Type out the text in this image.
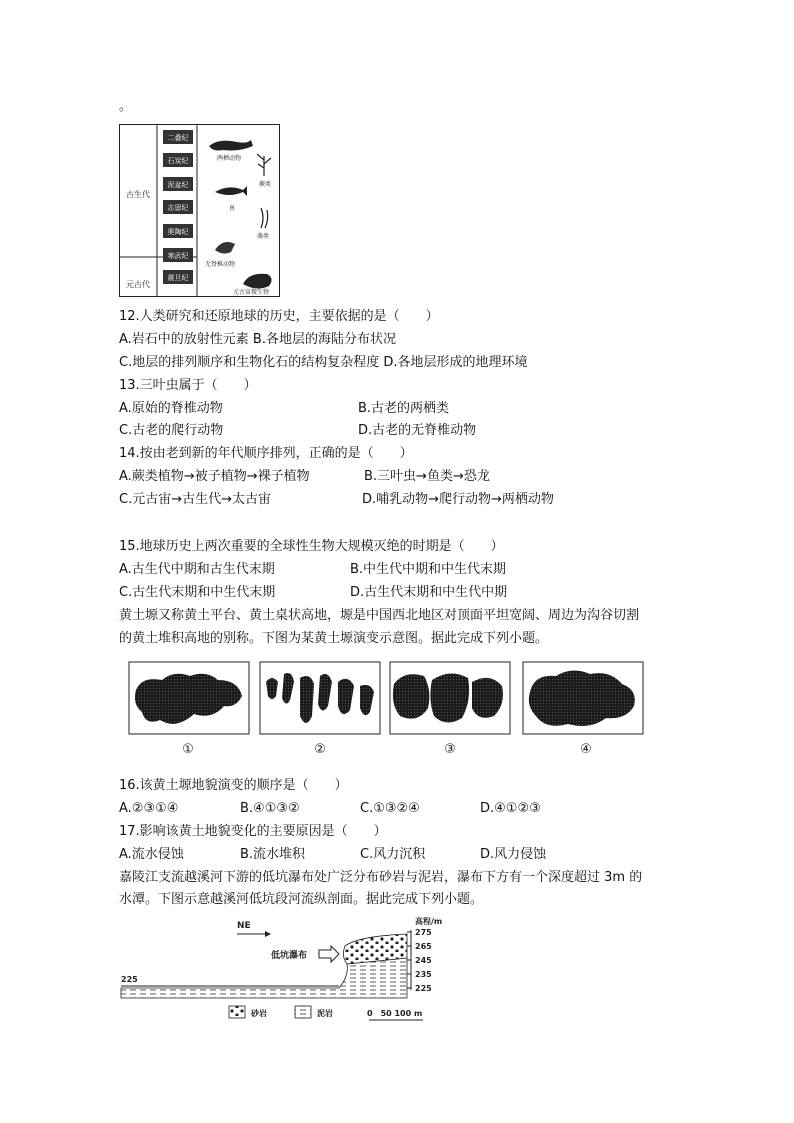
。
二叠纪
石炭纪
泥盆纪
志留纪
奥陶纪
寒武纪
震旦纪
古生代
元古代
两栖动物
蕨类
鱼
藻类
无脊椎动物
元古宙微生物
12.人类研究和还原地球的历史，主要依据的是（　　）
A.岩石中的放射性元素 B.各地层的海陆分布状况
C.地层的排列顺序和生物化石的结构复杂程度 D.各地层形成的地理环境
13.三叶虫属于（　　）
A.原始的脊椎动物	B.古老的两栖类
C.古老的爬行动物	D.古老的无脊椎动物
14.按由老到新的年代顺序排列，正确的是（　　）
A.蕨类植物→被子植物→裸子植物	B.三叶虫→鱼类→恐龙
C.元古宙→古生代→太古宙	D.哺乳动物→爬行动物→两栖动物
15.地球历史上两次重要的全球性生物大规模灭绝的时期是（　　）
A.古生代中期和古生代末期	B.中生代中期和中生代末期
C.古生代末期和中生代末期	D.古生代末期和中生代中期
黄土塬又称黄土平台、黄土桌状高地，塬是中国西北地区对顶面平坦宽阔、周边为沟谷切割
的黄土堆积高地的别称。下图为某黄土塬演变示意图。据此完成下列小题。
①	②	③	④
16.该黄土塬地貌演变的顺序是（　　）
A.②③①④	B.④①③②	C.①③②④	D.④①②③
17.影响该黄土地貌变化的主要原因是（　　）
A.流水侵蚀	B.流水堆积	C.风力沉积	D.风力侵蚀
嘉陵江支流越溪河下游的低坑瀑布处广泛分布砂岩与泥岩，瀑布下方有一个深度超过 3m 的
水潭。下图示意越溪河低坑段河流纵剖面。据此完成下列小题。
NE	高程/m
275
265
245
235
225
225
低坑瀑布
砂岩	泥岩	0　50 100 m
